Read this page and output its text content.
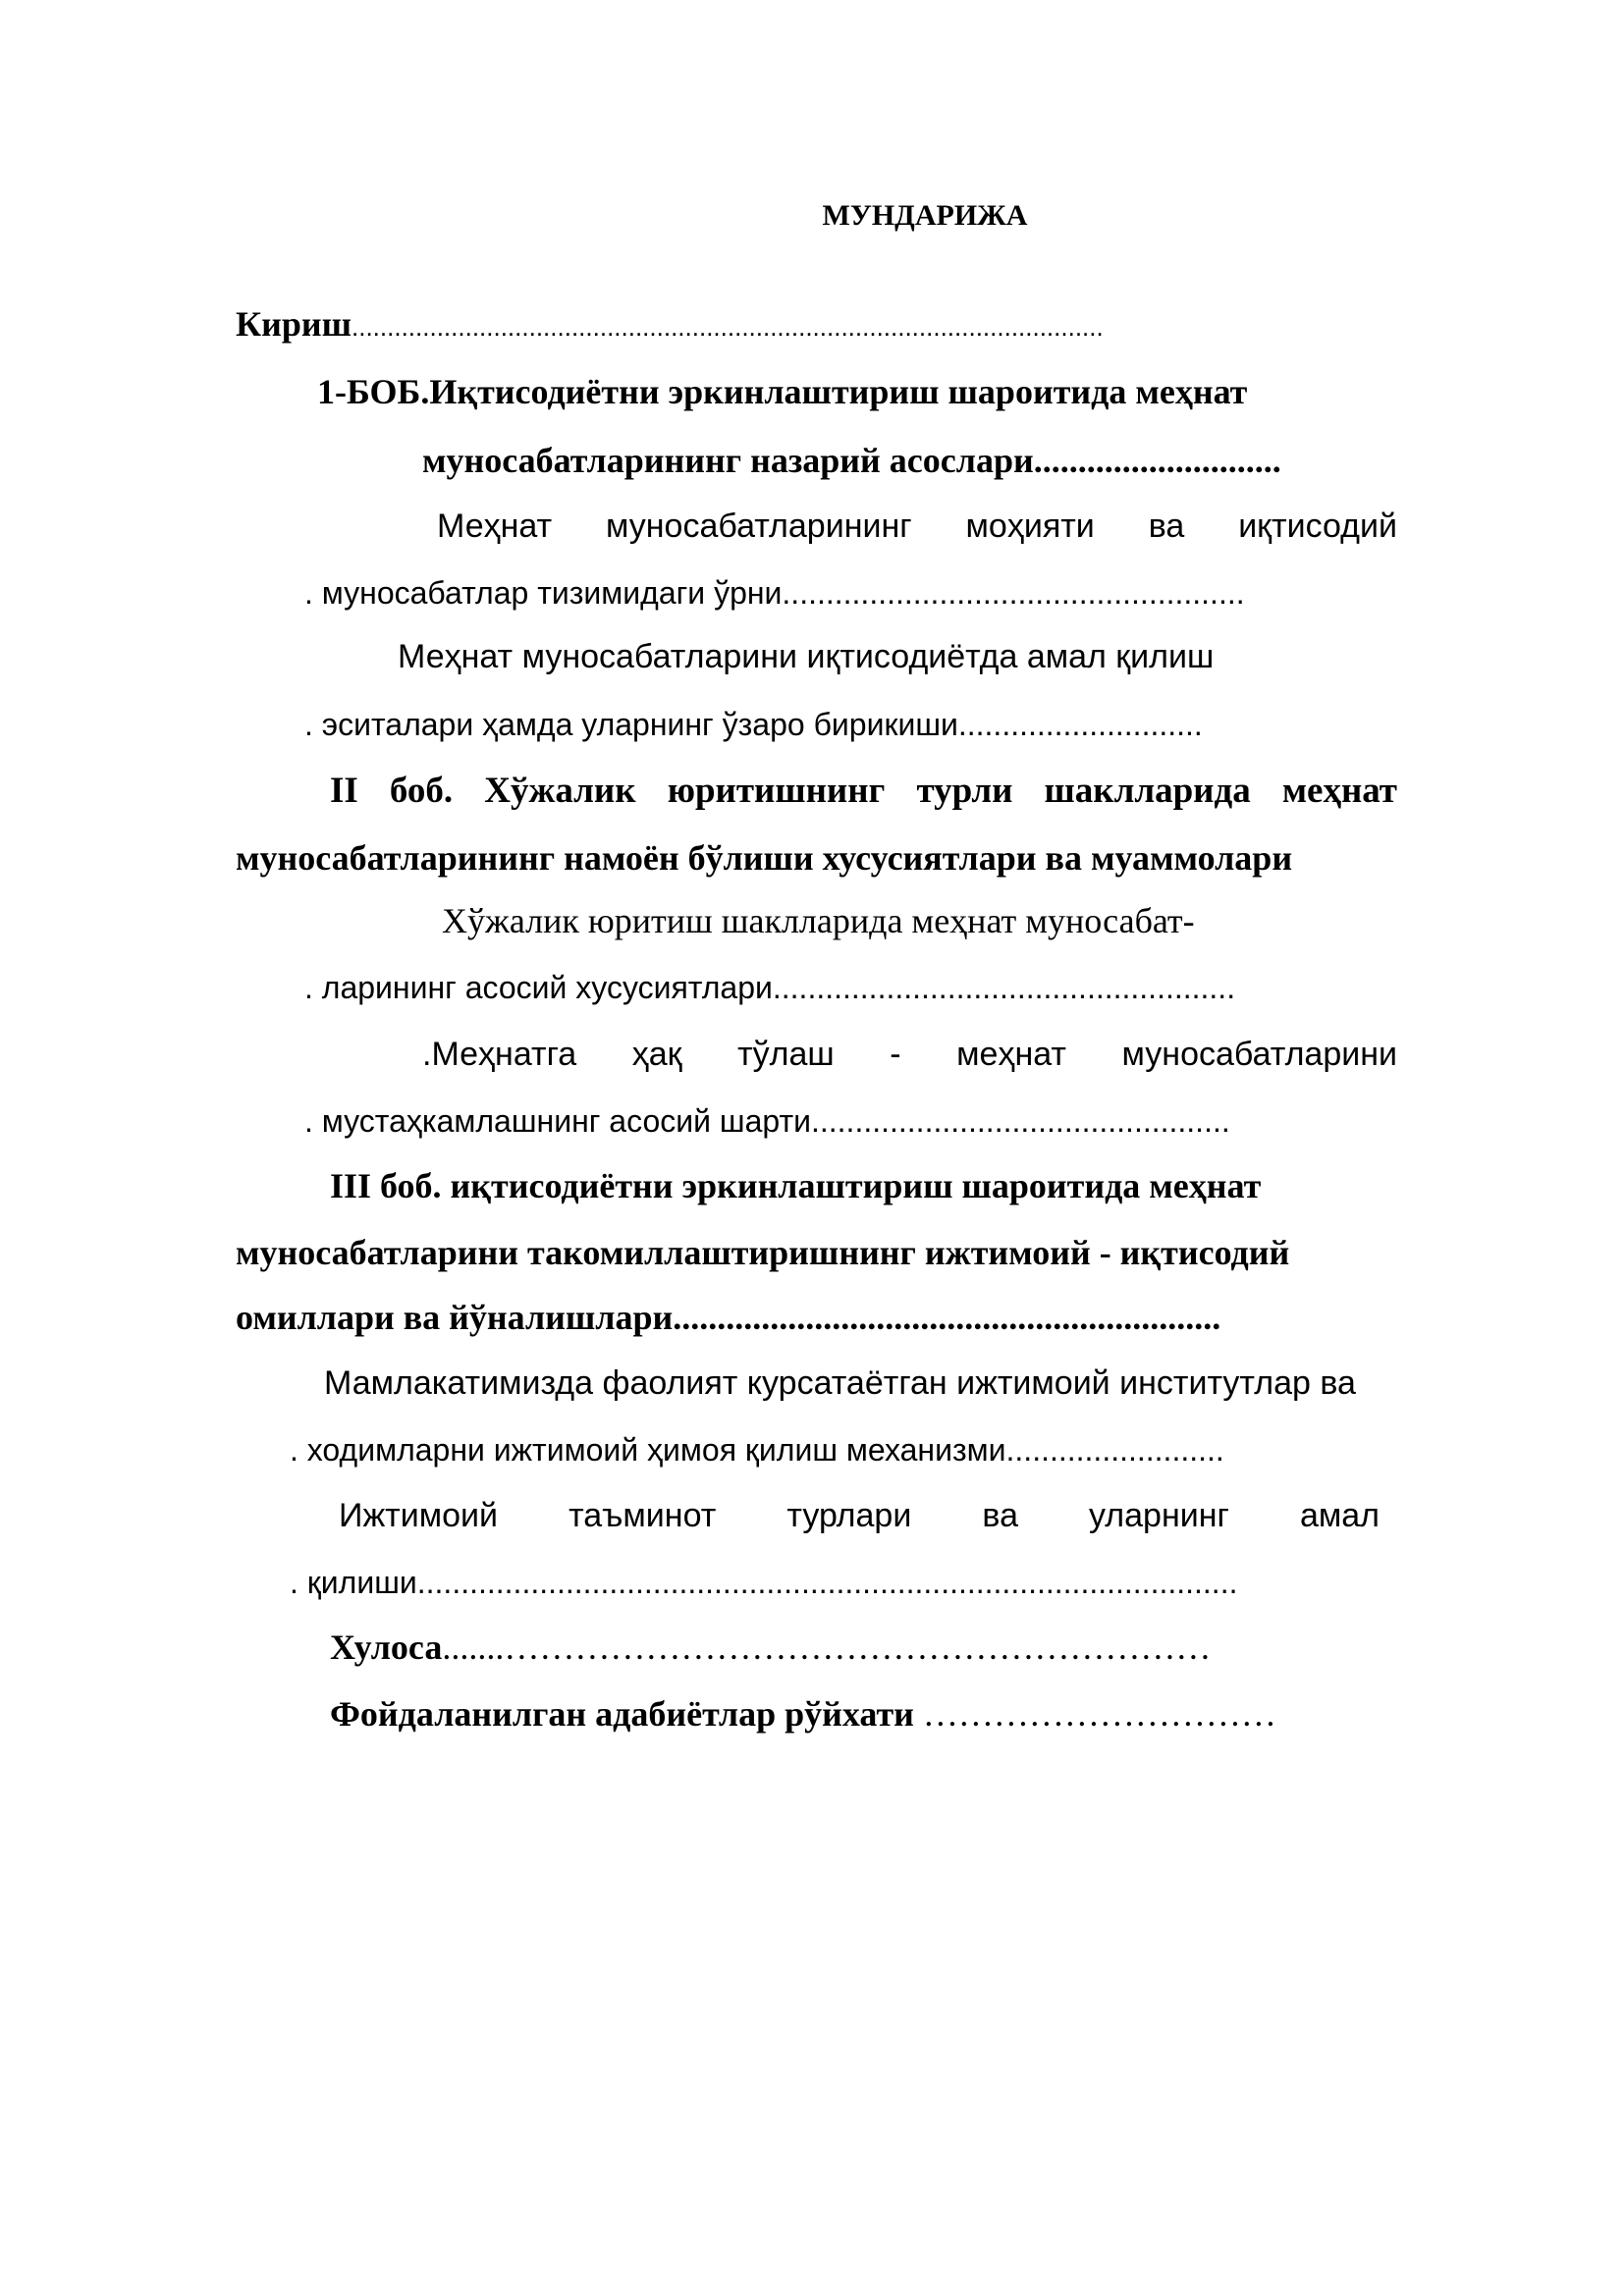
МУНДАРИЖА
Кириш..........................................................................................................
1-БОБ.Иқтисодиётни эркинлаштириш шароитида меҳнат
муносабатларининг назарий асослари............................
Меҳнат муносабатларининг моҳияти ва иқтисодий
. муносабатлар тизимидаги ўрни.....................................................
Меҳнат муносабатларини иқтисодиётда амал қилиш
. эситалари ҳамда уларнинг ўзаро бирикиши............................
II боб. Хўжалик юритишнинг турли шаклларида меҳнат
муносабатларининг намоён бўлиши хусусиятлари ва муаммолари
Хўжалик юритиш шаклларида меҳнат муносабат-
. ларининг асосий хусусиятлари.....................................................
.Меҳнатга ҳақ тўлаш - меҳнат муносабатларини
. мустаҳкамлашнинг асосий шарти................................................
III боб. иқтисодиётни эркинлаштириш шароитида меҳнат
муносабатларини такомиллаштиришнинг ижтимоий - иқтисодий
омиллари ва йўналишлари..............................................................
Мамлакатимизда фаолият курсатаётган ижтимоий институтлар ва
. ходимларни ижтимоий ҳимоя қилиш механизми.........................
Ижтимоий таъминот турлари ва уларнинг амал
. қилиши..............................................................................................
Хулоса.......……………………………………………………
Фойдаланилган адабиётлар рўйхати …………………………
